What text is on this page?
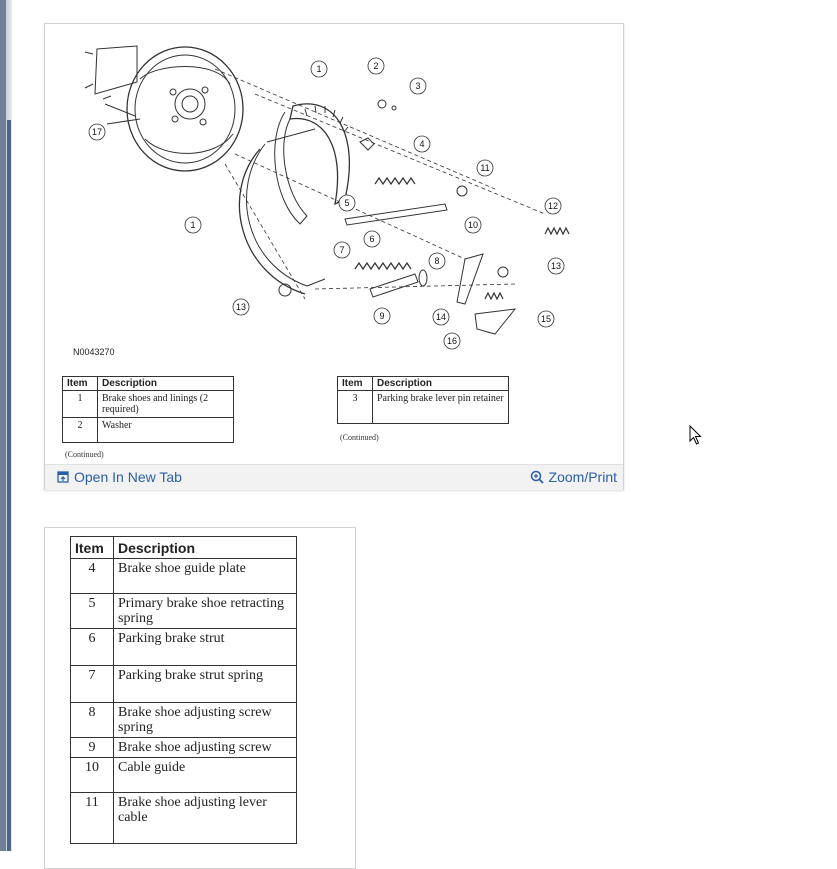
1	2
3
4
5
6
7
8
9
10
11
12
13
14	15
16
17
1
13
N0043270
Item	Description
1	Brake shoes and linings (2 required)
2	Washer
(Continued)
Item	Description
3	Parking brake lever pin retainer
(Continued)
Open In New Tab	Zoom/Print
Item	Description
4	Brake shoe guide plate
5	Primary brake shoe retracting spring
6	Parking brake strut
7	Parking brake strut spring
8	Brake shoe adjusting screw spring
9	Brake shoe adjusting screw
10	Cable guide
11	Brake shoe adjusting lever cable
